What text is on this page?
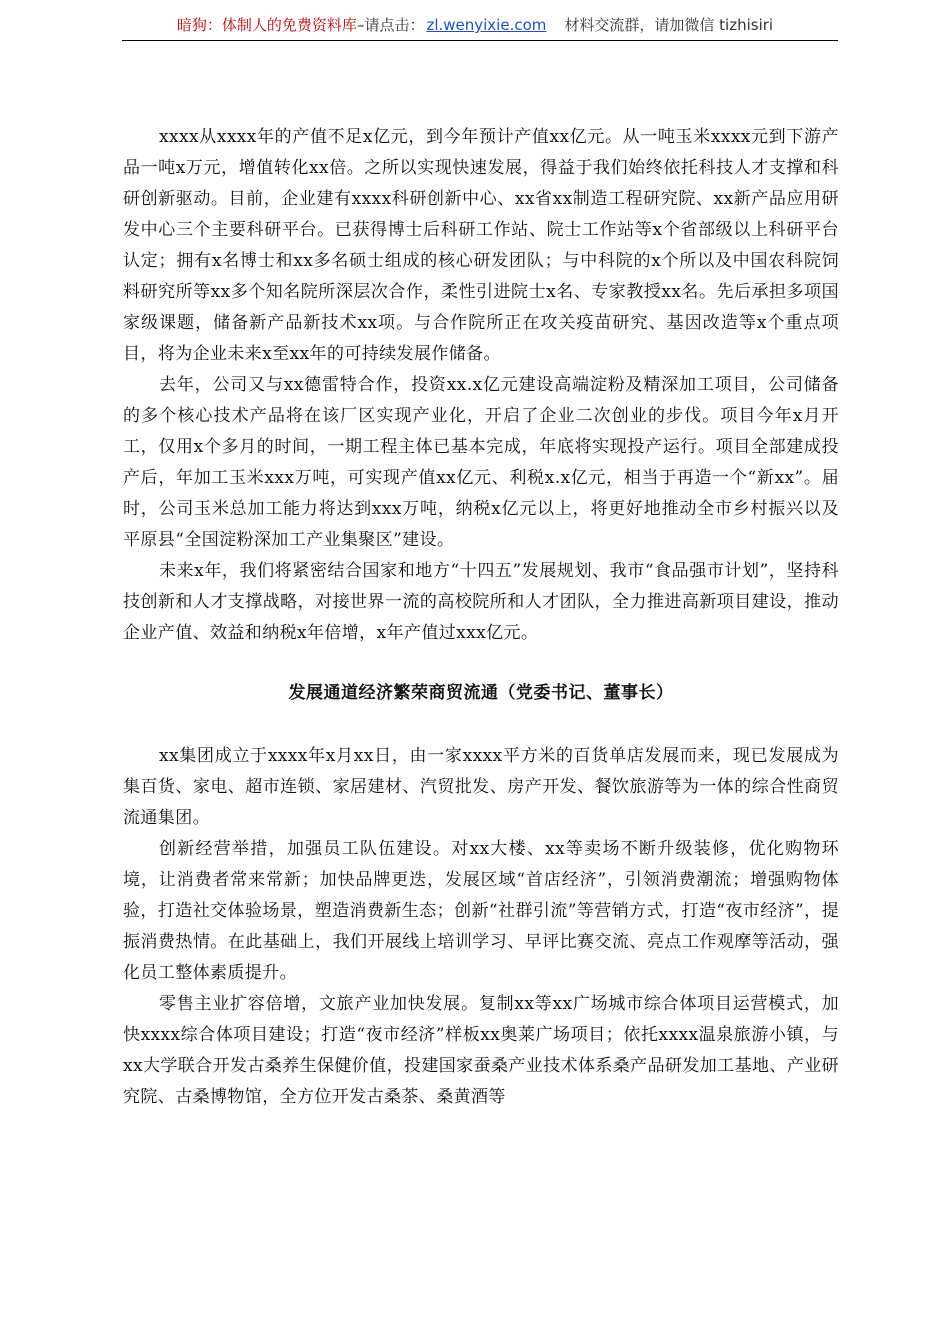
暗狗：体制人的免费资料库–请点击： zl.wenyixie.com 材料交流群，请加微信 tizhisiri

xxxx从xxxx年的产值不足x亿元，到今年预计产值xx亿元。从一吨玉米xxxx元到下游产品一吨x万元，增值转化xx倍。之所以实现快速发展，得益于我们始终依托科技人才支撑和科研创新驱动。目前，企业建有xxxx科研创新中心、xx省xx制造工程研究院、xx新产品应用研发中心三个主要科研平台。已获得博士后科研工作站、院士工作站等x个省部级以上科研平台认定；拥有x名博士和xx多名硕士组成的核心研发团队；与中科院的x个所以及中国农科院饲料研究所等xx多个知名院所深层次合作，柔性引进院士x名、专家教授xx名。先后承担多项国家级课题，储备新产品新技术xx项。与合作院所正在攻关疫苗研究、基因改造等x个重点项目，将为企业未来x至xx年的可持续发展作储备。

去年，公司又与xx德雷特合作，投资xx.x亿元建设高端淀粉及精深加工项目，公司储备的多个核心技术产品将在该厂区实现产业化，开启了企业二次创业的步伐。项目今年x月开工，仅用x个多月的时间，一期工程主体已基本完成，年底将实现投产运行。项目全部建成投产后，年加工玉米xxx万吨，可实现产值xx亿元、利税x.x亿元，相当于再造一个“新xx”。届时，公司玉米总加工能力将达到xxx万吨，纳税x亿元以上，将更好地推动全市乡村振兴以及平原县“全国淀粉深加工产业集聚区”建设。

未来x年，我们将紧密结合国家和地方“十四五”发展规划、我市“食品强市计划”，坚持科技创新和人才支撑战略，对接世界一流的高校院所和人才团队，全力推进高新项目建设，推动企业产值、效益和纳税x年倍增，x年产值过xxx亿元。

发展通道经济繁荣商贸流通（党委书记、董事长）

xx集团成立于xxxx年x月xx日，由一家xxxx平方米的百货单店发展而来，现已发展成为集百货、家电、超市连锁、家居建材、汽贸批发、房产开发、餐饮旅游等为一体的综合性商贸流通集团。

创新经营举措，加强员工队伍建设。对xx大楼、xx等卖场不断升级装修，优化购物环境，让消费者常来常新；加快品牌更迭，发展区域“首店经济”，引领消费潮流；增强购物体验，打造社交体验场景，塑造消费新生态；创新“社群引流”等营销方式，打造“夜市经济”，提振消费热情。在此基础上，我们开展线上培训学习、早评比赛交流、亮点工作观摩等活动，强化员工整体素质提升。

零售主业扩容倍增，文旅产业加快发展。复制xx等xx广场城市综合体项目运营模式，加快xxxx综合体项目建设；打造“夜市经济”样板xx奥莱广场项目；依托xxxx温泉旅游小镇，与xx大学联合开发古桑养生保健价值，投建国家蚕桑产业技术体系桑产品研发加工基地、产业研究院、古桑博物馆，全方位开发古桑茶、桑黄酒等
